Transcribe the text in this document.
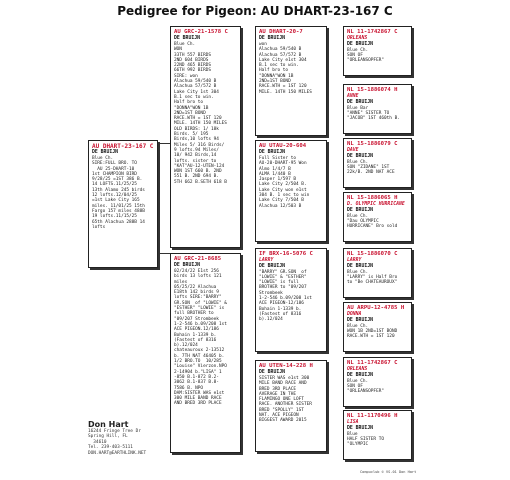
Pedigree for Pigeon: AU DHART-23-167 C
AU DHART-23-167 C
DE BRUIJN
Blue Ch.
SIRE:FULL BRO. TO
AU 25-DHART-10
1st CHAMPION BIRD
9/28/25 =1ST 386 B.
14 LOFTS.11/25/25
13th Alamo 245 birds
12 lofts.12/04/25
=1st Lake City 165
miles. 11/01/25 15th
Fargo 157 miles 488B
19 lofts.11/15/25
65th Alachua 288B 14
lofts
AU GRC-21-1578 C
DE BRUIJN
Blue Ch.
WON
33TH 557 BIRDS
2ND 604 BIRDS
22ND 465 BIRDS
66TH 992 BIRDS
SIRE: won
Alachua 59/540 B
Alachua 57/572 B
Lake City 1st 304
B.1 sec to win.
Half bro to
"DONNA"WON 1B
2ND=1ST BOND
RACE.WTH = 1ST 120
MILE. 14TH 150 MILES
OLD BIRDS: 1/ 18k
Birds. 5/ 195
Birds,10 lofts 94
Miles 5/ 316 Birds/
9 lofts.94 Miles/
10/ 942 Birds,14
lofts. sister to
"KAT"AU-12-UTEN-124
WON 1ST 660 B. 2ND
551 B. 2ND 694 B.
5TH 662 B.SETH 618 B
AU GRC-21-8685
DE BRUIJN
02/24/22 E1st 256
birds 13 lofts 121
miles
05/25/22 Alachua
E18th 142 birds 9
lofts SIRE:"BARRY"
GR.SON  of "LOWIE" &
"ESTHER" "LOWIE" is
full BROTHER to
"09/207 Strombeek
1-2-546 b.09/208 1st
ACE PIGEON.12/186
Bohain 1-1339 b.
(Fastest of 8316
b).12/024
chateauroux 2-13512
b. 7TH NAT 46405 b.
1/2 BRO.TO  10/285
"Louise" Vierzon.NPO
2-14904 b."LISA" 1
-850 B.1-872 B.2-
3062 B.1-837 B.8-
7586 B. NPO
DAM:SISTER WAS e1st
300 MILE BAND RACE
AND BRED 3RD PLACE
AU DHART-20-7
DE BRUIJN
won
Alachua 59/540 B
Alachua 57/572 B
Lake City e1st 304
B.1 sec to win.
Half bro to
"DONNA"WON 1B
2ND=1ST BOND
RACE.WTH = 1ST 120
MILE. 14TH 150 MILES
AU UTAU-20-604
DE BRUIJN
Full Sister to
AU-20-DHART-95 Won
Almo 1/4/7 B
ALMA 1/440 B
Jasper 1/597 B
Lake City 2/504 B.
Lake City won e1st
304 B. 1 sec to win
Lake City 7/504 B
Alachua 12/503 B
IF BRX-16-5076 C
LARRY
DE BRUIJN
"BARRY" GR.SON  of
"LOWIE" & "ESTHER"
"LOWIE" is full
BROTHER to "09/207
Strombeek
1-2-546 b.09/208 1st
ACE PIGEON-12/186
Bohain 1-1339 b.
(Fastest of 8316
b).12/024
AU UTEN-14-228 H
DE BRUIJN
SISTER WAS e1st 300
MILE BAND RACE AND
BRED 3RD PLACE
AVERAGE IN THE
FLAMINGO ONE LOFT
RACE. ANOTHER SISTER
BRED "SPOLLY" 1ST
NAT. ACE PIGEON
BIGGEST AWARD 2015
NL 11-1742867 C
ORLEANS
DE BRUIJN
Blue Ch.
SON OF
"ORLEANSOPFER"
NL 15-1886074 H
ANNE
DE BRUIJN
Blue Bar
"ANNE" SISTER TO
"JACOB" 1ST 460th B.
NL 15-1886079 C
DAVE
DE BRUIJN
Blue Ch.
SON "ZIDANE" 1ST
22k/B. 2ND NAT ACE
NL 15-1886065 H
D. OLYMPIC HURRICANE
DE BRUIJN
Blue Ch.
"Dau OLYMPIC
HURRICANE" Bro sold
NL 15-1886070 C
LARRY
DE BRUIJN
Blue Ch.
"LARRY" is Half Bro
to "Be CHATEAUROUX"
AU ARPU-12-4785 H
DONNA
DE BRUIJN
Blue Ch.
WON 1B 2ND=1ST BOND
RACE.WTH = 1ST 120
NL 11-1742867 C
ORLEANS
DE BRUIJN
Blue Ch.
SON OF
"ORLEANSOPFER"
NL 11-1170496 H
LISA
DE BRUIJN
Blue
HALF SISTER TO
"OLYMPIC
Don Hart
16244 Fringe Tree Dr
Spring Hill, FL
34610
Tel. 239-403-5111
DON.HART@EARTHLINK.NET
Compuclub © VS.01 Don Hart
